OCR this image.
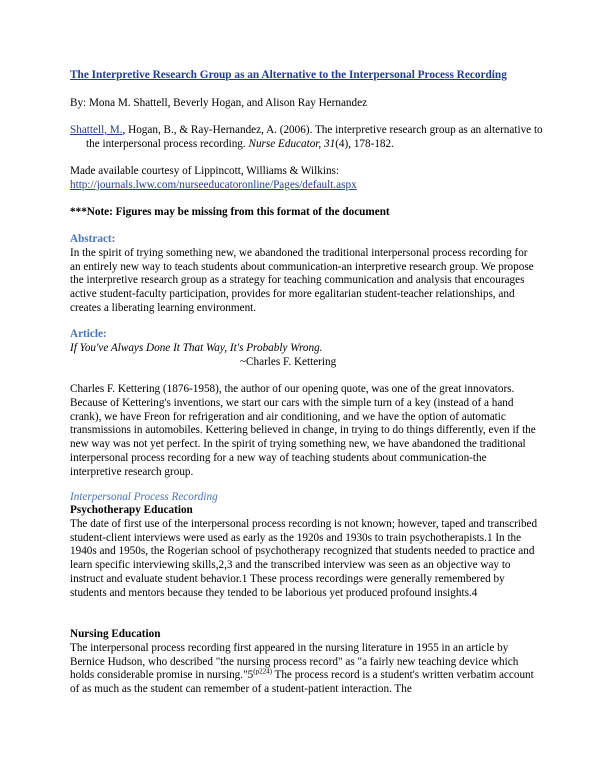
The Interpretive Research Group as an Alternative to the Interpersonal Process Recording
By: Mona M. Shattell, Beverly Hogan, and Alison Ray Hernandez
Shattell, M., Hogan, B., & Ray-Hernandez, A. (2006). The interpretive research group as an alternative to the interpersonal process recording. Nurse Educator, 31(4), 178-182.

Made available courtesy of Lippincott, Williams & Wilkins:

http://journals.lww.com/nurseeducatoronline/Pages/default.aspx

***Note: Figures may be missing from this format of the document

Abstract:

In the spirit of trying something new, we abandoned the traditional interpersonal process recording for an entirely new way to teach students about communication-an interpretive research group. We propose the interpretive research group as a strategy for teaching communication and analysis that encourages active student-faculty participation, provides for more egalitarian student-teacher relationships, and creates a liberating learning environment.

Article:

If You've Always Done It That Way, It's Probably Wrong.

~Charles F. Kettering

Charles F. Kettering (1876-1958), the author of our opening quote, was one of the great innovators. Because of Kettering's inventions, we start our cars with the simple turn of a key (instead of a hand crank), we have Freon for refrigeration and air conditioning, and we have the option of automatic transmissions in automobiles. Kettering believed in change, in trying to do things differently, even if the new way was not yet perfect. In the spirit of trying something new, we have abandoned the traditional interpersonal process recording for a new way of teaching students about communication-the interpretive research group.
Interpersonal Process Recording

Psychotherapy Education

The date of first use of the interpersonal process recording is not known; however, taped and transcribed student-client interviews were used as early as the 1920s and 1930s to train psychotherapists.1 In the 1940s and 1950s, the Rogerian school of psychotherapy recognized that students needed to practice and learn specific interviewing skills,2,3 and the transcribed interview was seen as an objective way to instruct and evaluate student behavior.1 These process recordings were generally remembered by students and mentors because they tended to be laborious yet produced profound insights.4

Nursing Education

The interpersonal process recording first appeared in the nursing literature in 1955 in an article by Bernice Hudson, who described "the nursing process record" as "a fairly new teaching device which holds considerable promise in $nursing."5^{(p224)}$ The process record is a student's written verbatim account of as much as the student can remember of a student-patient interaction. The
